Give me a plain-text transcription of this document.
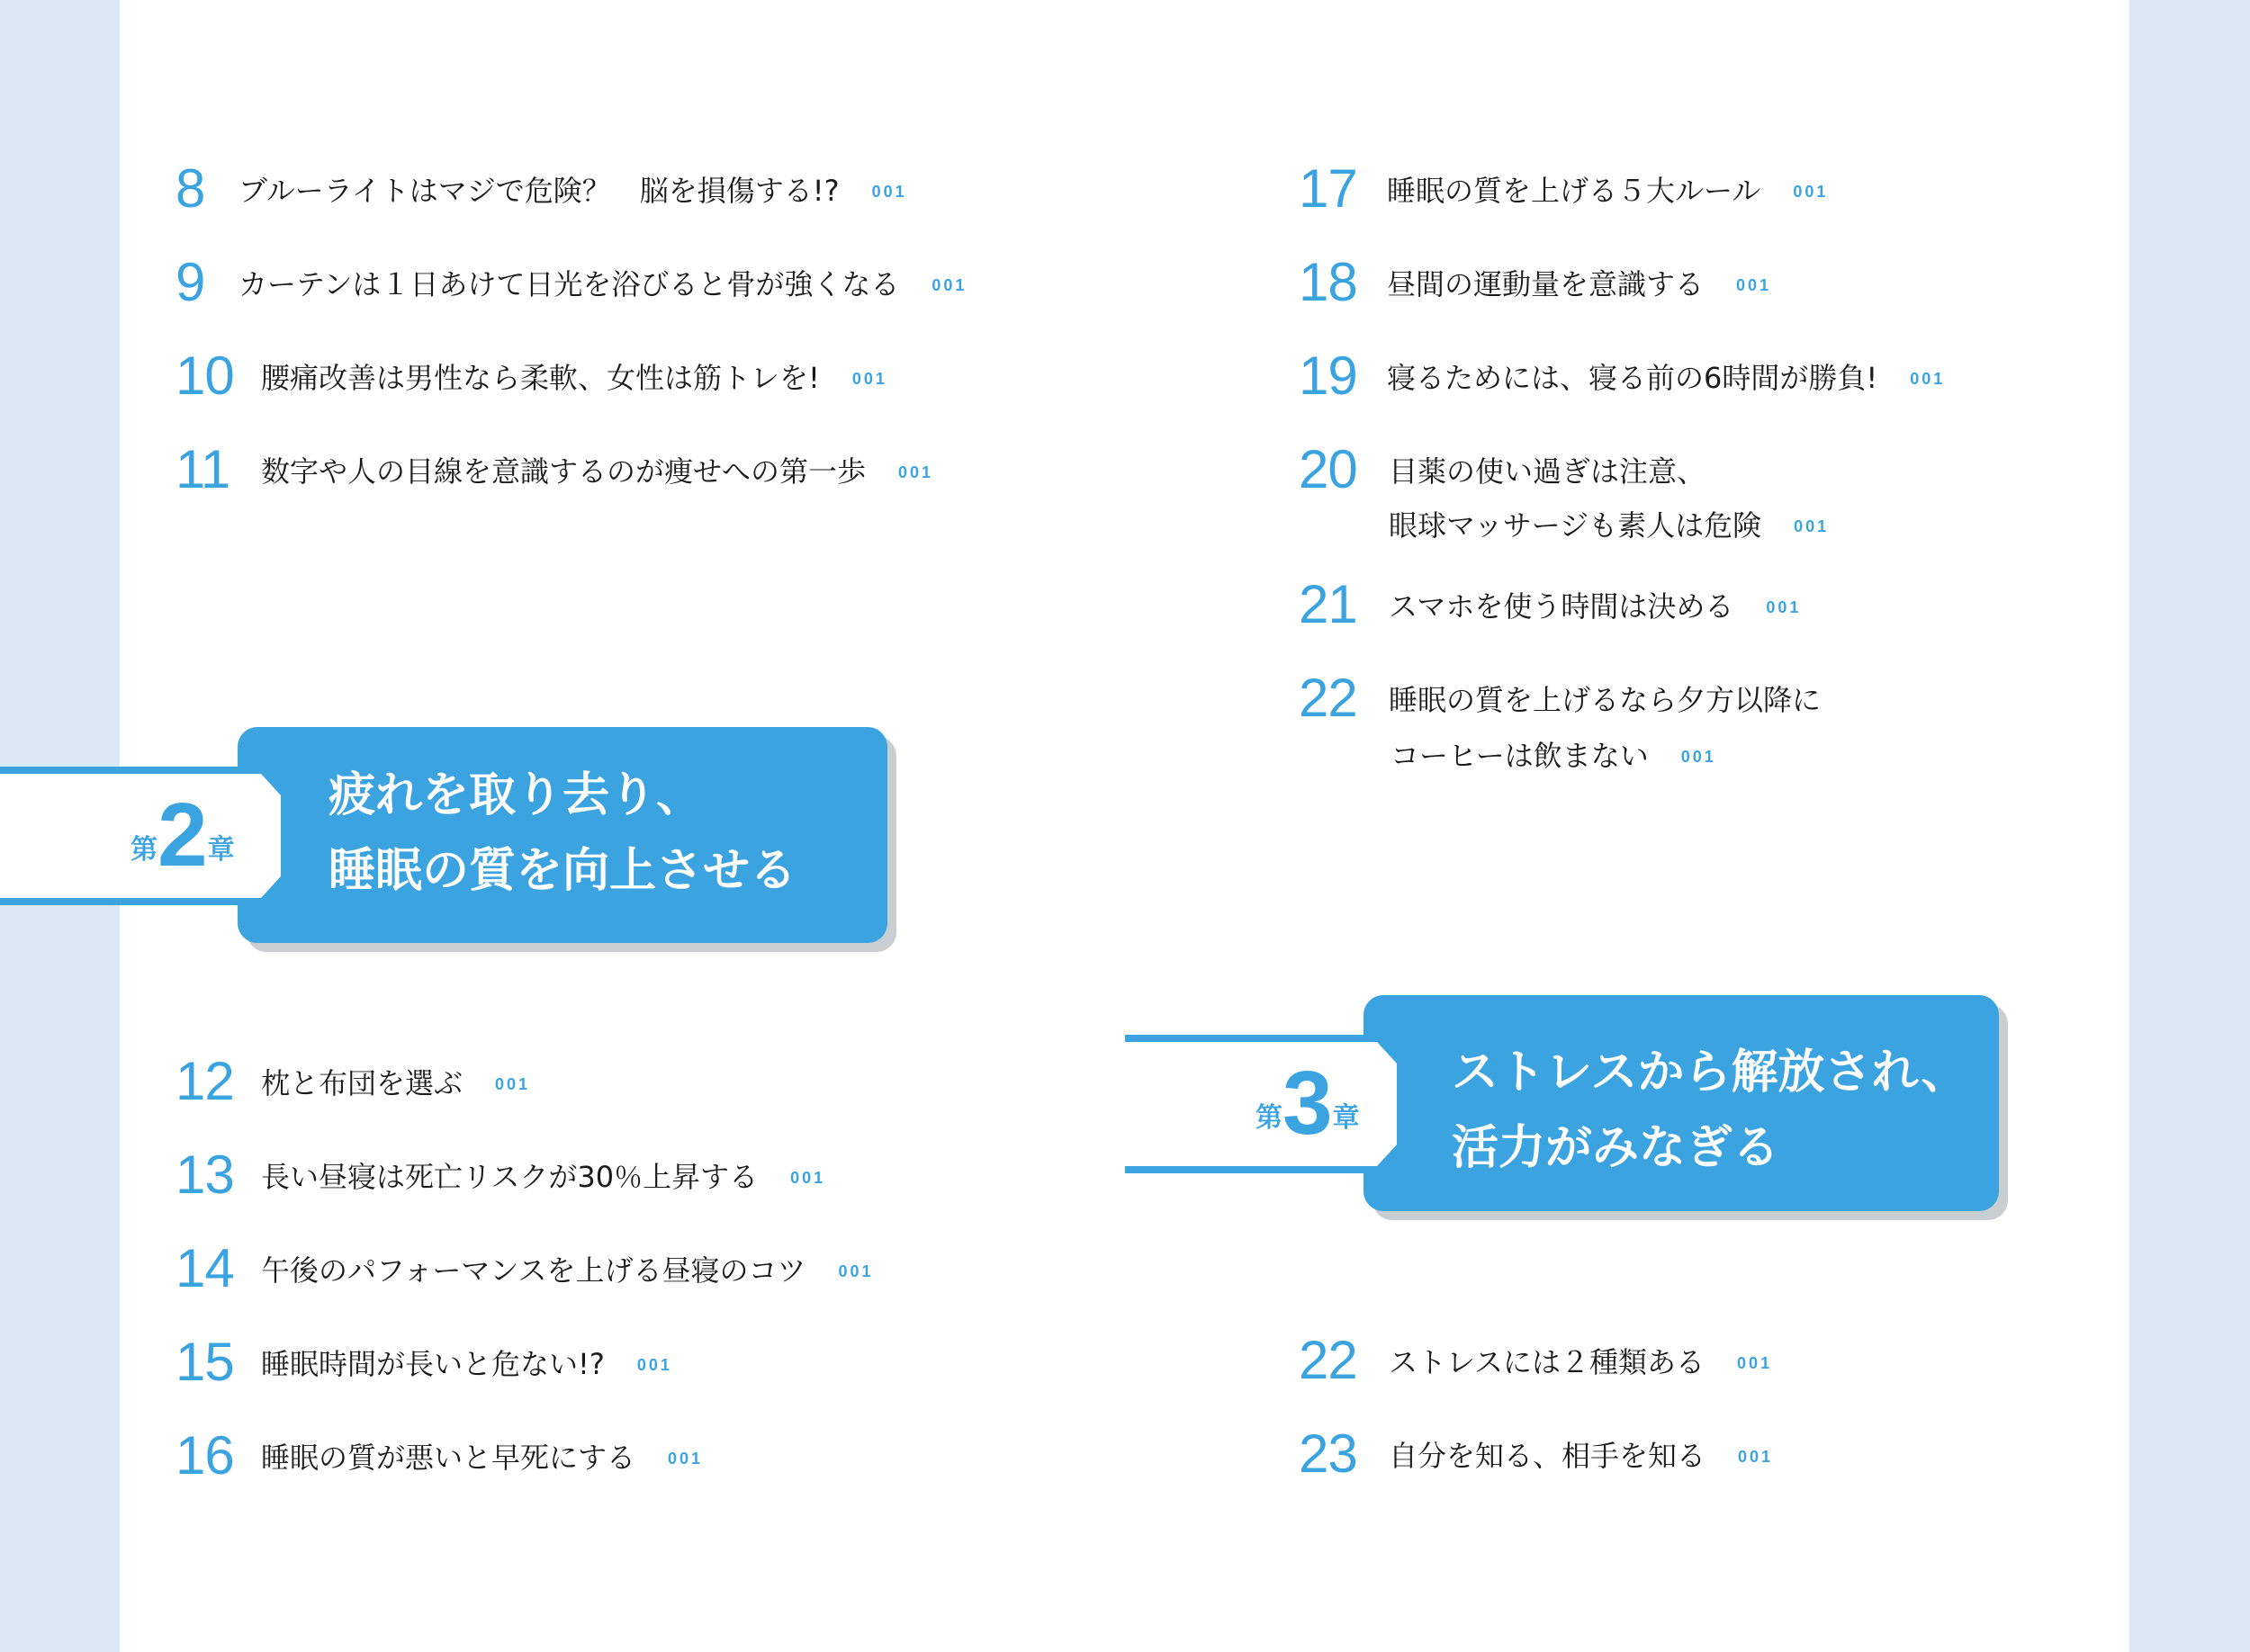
8	ブルーライトはマジで危険？　脳を損傷する!? 001
9	カーテンは１日あけて日光を浴びると骨が強くなる 001
10 腰痛改善は男性なら柔軟、女性は筋トレを! 001
11	数字や人の目線を意識するのが痩せへの第一歩 001
第2章
疲れを取り去り、
睡眠の質を向上させる
12 枕と布団を選ぶ 001
13 長い昼寝は死亡リスクが30％上昇する 001
14 午後のパフォーマンスを上げる昼寝のコツ 001
15 睡眠時間が長いと危ない!? 001
16 睡眠の質が悪いと早死にする 001
17	睡眠の質を上げる５大ルール 001
18	昼間の運動量を意識する 001
19	寝るためには、寝る前の6時間が勝負! 001
20	目薬の使い過ぎは注意、
眼球マッサージも素人は危険 001
21	スマホを使う時間は決める 001
22	睡眠の質を上げるなら夕方以降に
コーヒーは飲まない 001
第3章
ストレスから解放され、
活力がみなぎる
22	ストレスには２種類ある 001
23	自分を知る、相手を知る 001
